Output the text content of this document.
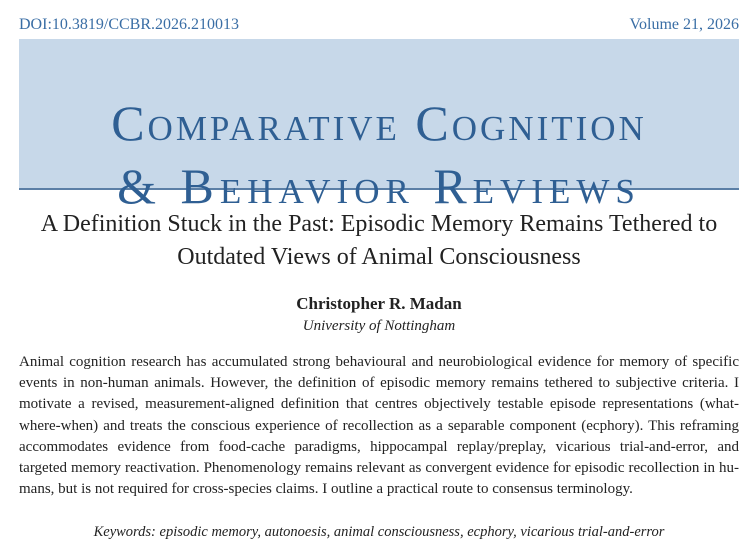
DOI:10.3819/CCBR.2026.210013	Volume 21, 2026
Comparative Cognition
& Behavior Reviews
A Definition Stuck in the Past: Episodic Memory Remains Tethered to Outdated Views of Animal Consciousness
Christopher R. Madan
University of Nottingham
Animal cognition research has accumulated strong behavioural and neurobiological evidence for memory of specific events in non-human animals. However, the definition of episodic memory remains tethered to subjective criteria. I motivate a revised, measurement-aligned definition that centres objectively testable episode representations (what-where-when) and treats the conscious experience of recollection as a separable component (ecphory). This reframing accommodates evidence from food-cache paradigms, hippocampal replay/preplay, vicarious trial-and-error, and targeted memory reactivation. Phenomenology remains relevant as convergent evidence for episodic recollection in humans, but is not required for cross-species claims. I outline a practical route to consensus terminology.
Keywords: episodic memory, autonoesis, animal consciousness, ecphory, vicarious trial-and-error
